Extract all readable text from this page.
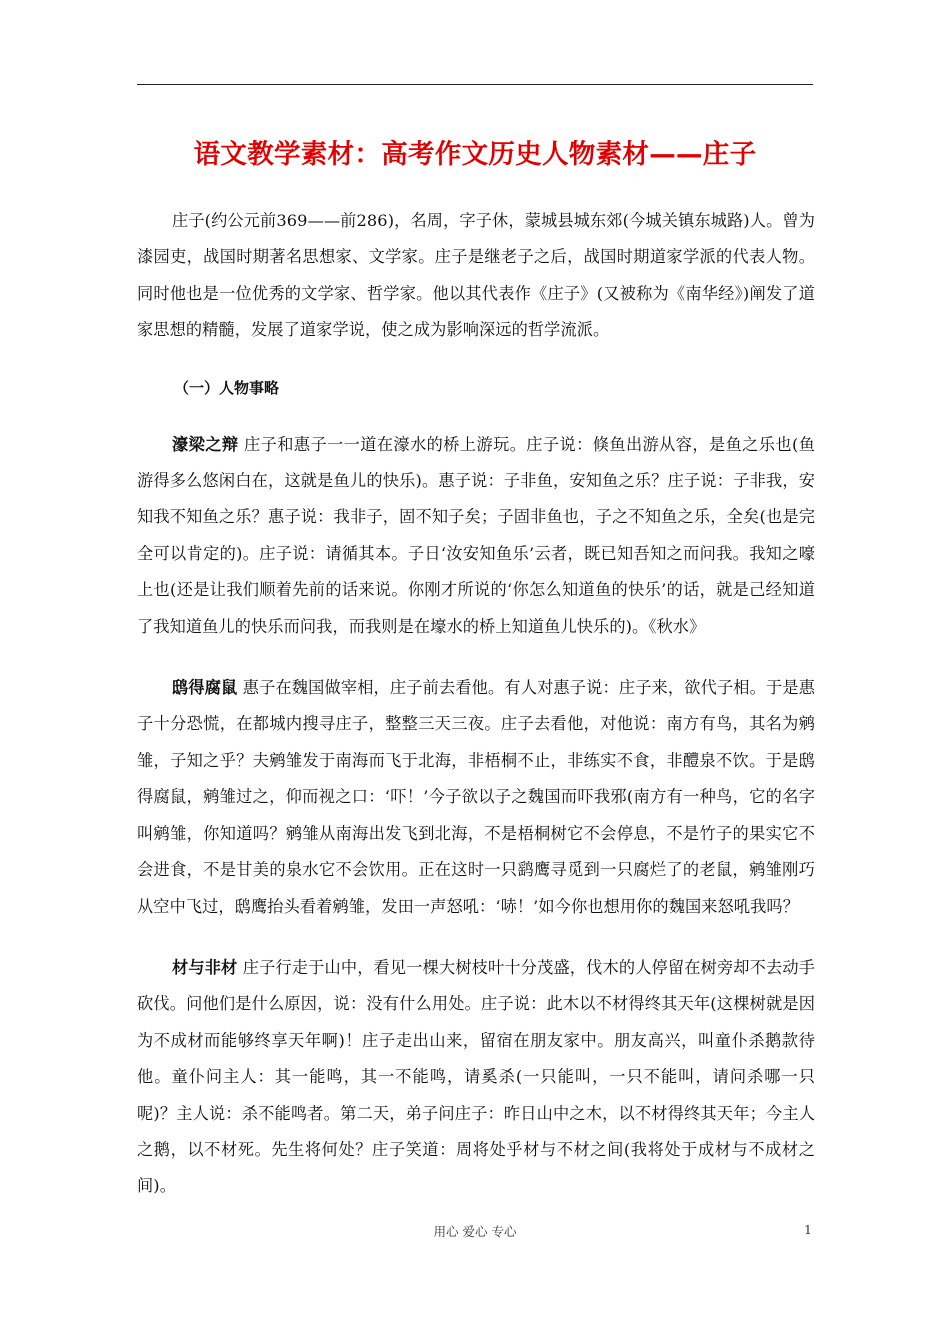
语文教学素材：高考作文历史人物素材——庄子

庄子(约公元前369——前286)，名周，字子休，蒙城县城东郊(今城关镇东城路)人。曾为漆园吏，战国时期著名思想家、文学家。庄子是继老子之后，战国时期道家学派的代表人物。同时他也是一位优秀的文学家、哲学家。他以其代表作《庄子》(又被称为《南华经》)阐发了道家思想的精髓，发展了道家学说，使之成为影响深远的哲学流派。

（一）人物事略

濠梁之辩 庄子和惠子一一道在濠水的桥上游玩。庄子说：倏鱼出游从容，是鱼之乐也(鱼游得多么悠闲白在，这就是鱼儿的快乐)。惠子说：子非鱼，安知鱼之乐？庄子说：子非我，安知我不知鱼之乐？惠子说：我非子，固不知子矣；子固非鱼也，子之不知鱼之乐，全矣(也是完全可以肯定的)。庄子说：请循其本。子日‘汝安知鱼乐’云者，既已知吾知之而问我。我知之嚎上也(还是让我们顺着先前的话来说。你刚才所说的‘你怎么知道鱼的快乐’的话，就是己经知道了我知道鱼儿的快乐而问我，而我则是在壕水的桥上知道鱼儿快乐的)。《秋水》

鸱得腐鼠 惠子在魏国做宰相，庄子前去看他。有人对惠子说：庄子来，欲代子相。于是惠子十分恐慌，在都城内搜寻庄子，整整三天三夜。庄子去看他，对他说：南方有鸟，其名为鹓雏，子知之乎？夫鹓雏发于南海而飞于北海，非梧桐不止，非练实不食，非醴泉不饮。于是鸱得腐鼠，鹓雏过之，仰而视之口：‘吓！’今子欲以子之魏国而吓我邪(南方有一种鸟，它的名字叫鹓雏，你知道吗？鹓雏从南海出发飞到北海，不是梧桐树它不会停息，不是竹子的果实它不会进食，不是甘美的泉水它不会饮用。正在这时一只鹞鹰寻觅到一只腐烂了的老鼠，鹓雏刚巧从空中飞过，鸱鹰抬头看着鹓雏，发田一声怒吼：‘哧！’如今你也想用你的魏国来怒吼我吗？

材与非材 庄子行走于山中，看见一棵大树枝叶十分茂盛，伐木的人停留在树旁却不去动手砍伐。问他们是什么原因，说：没有什么用处。庄子说：此木以不材得终其天年(这棵树就是因为不成材而能够终享天年啊)！庄子走出山来，留宿在朋友家中。朋友高兴，叫童仆杀鹅款待他。童仆问主人：其一能鸣，其一不能鸣，请奚杀(一只能叫，一只不能叫，请问杀哪一只呢)？主人说：杀不能鸣者。第二天，弟子问庄子：昨日山中之木，以不材得终其天年；今主人之鹅，以不材死。先生将何处？庄子笑道：周将处乎材与不材之间(我将处于成材与不成材之间)。

用心 爱心 专心	1
